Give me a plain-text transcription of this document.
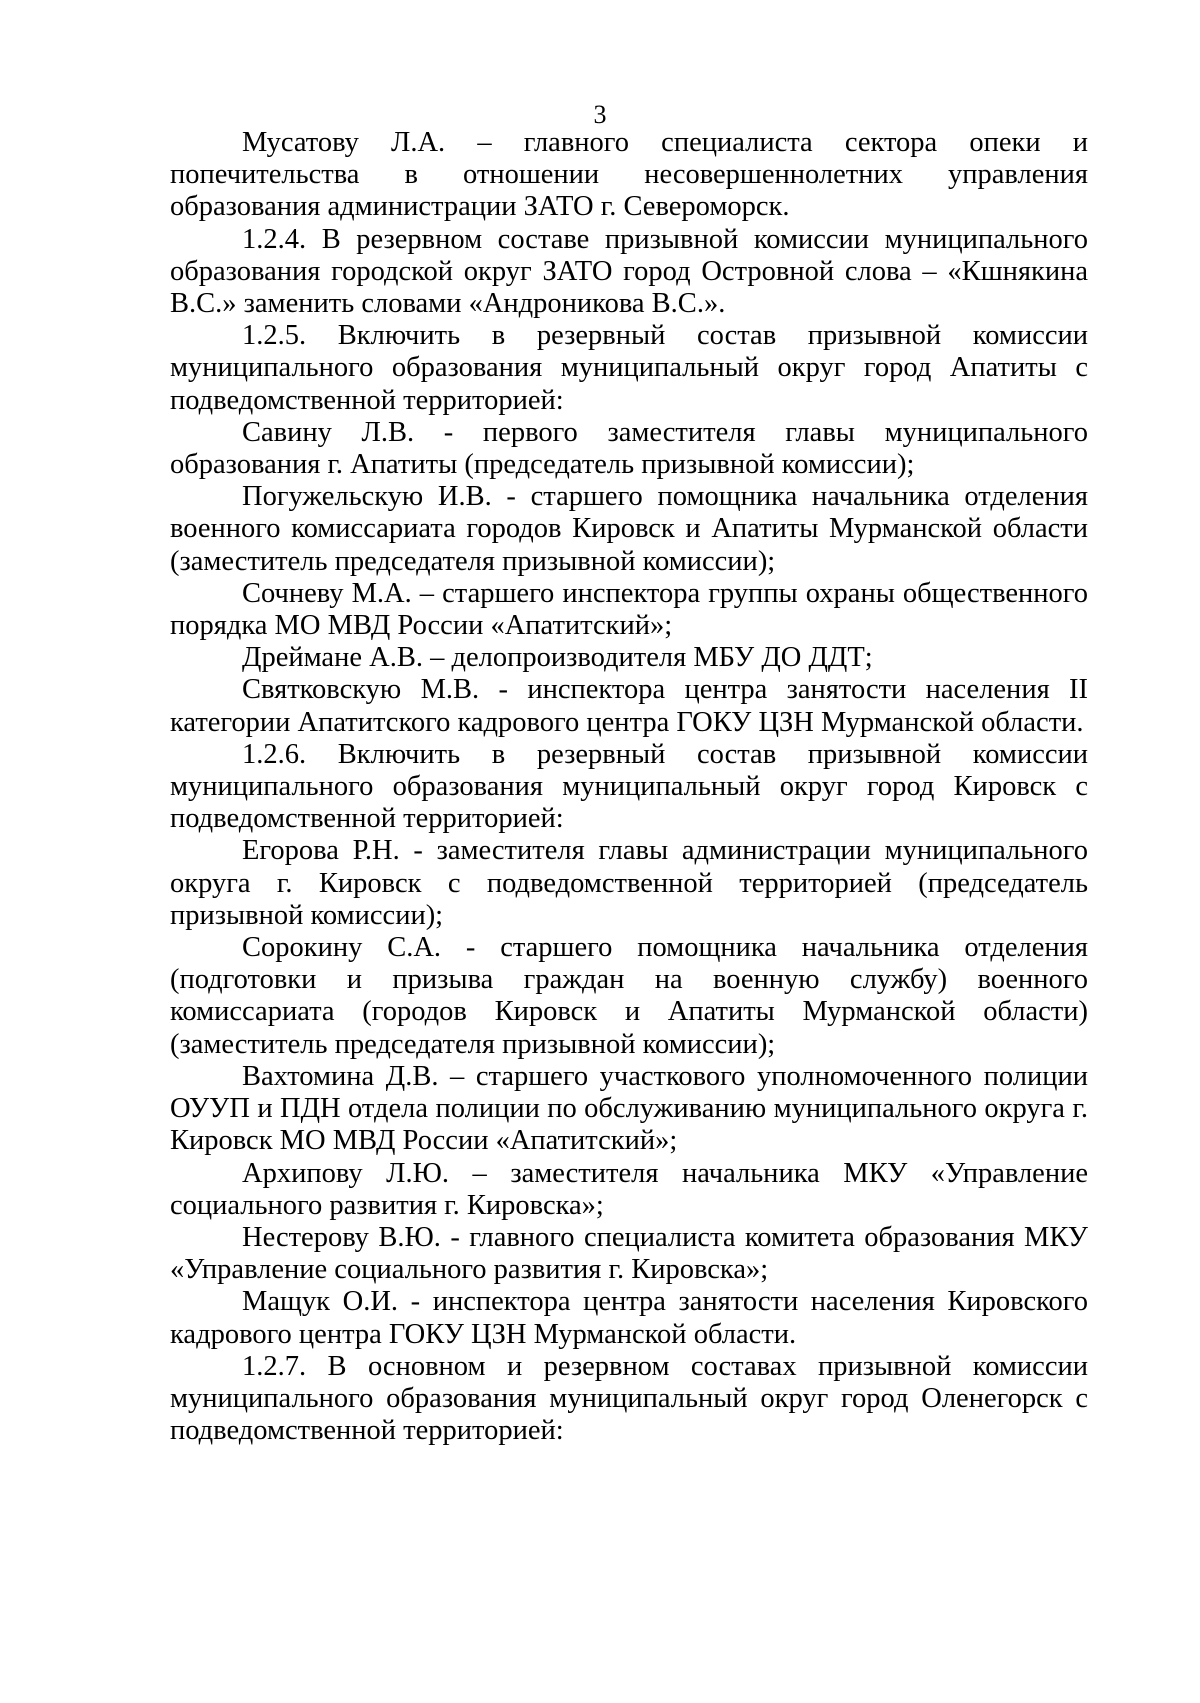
3

Мусатову Л.А. – главного специалиста сектора опеки и попечительства в отношении несовершеннолетних управления образования администрации ЗАТО г. Североморск.

1.2.4. В резервном составе призывной комиссии муниципального образования городской округ ЗАТО город Островной слова – «Кшнякина В.С.» заменить словами «Андроникова В.С.».

1.2.5. Включить в резервный состав призывной комиссии муниципального образования муниципальный округ город Апатиты с подведомственной территорией:

Савину Л.В. - первого заместителя главы муниципального образования г. Апатиты (председатель призывной комиссии);

Погужельскую И.В. - старшего помощника начальника отделения военного комиссариата городов Кировск и Апатиты Мурманской области (заместитель председателя призывной комиссии);

Сочневу М.А. – старшего инспектора группы охраны общественного порядка МО МВД России «Апатитский»;

Дреймане А.В. – делопроизводителя МБУ ДО ДДТ;

Святковскую М.В. - инспектора центра занятости населения II категории Апатитского кадрового центра ГОКУ ЦЗН Мурманской области.

1.2.6. Включить в резервный состав призывной комиссии муниципального образования муниципальный округ город Кировск с подведомственной территорией:

Егорова Р.Н. - заместителя главы администрации муниципального округа г. Кировск с подведомственной территорией (председатель призывной комиссии);

Сорокину С.А. - старшего помощника начальника отделения (подготовки и призыва граждан на военную службу) военного комиссариата (городов Кировск и Апатиты Мурманской области) (заместитель председателя призывной комиссии);

Вахтомина Д.В. – старшего участкового уполномоченного полиции ОУУП и ПДН отдела полиции по обслуживанию муниципального округа г. Кировск МО МВД России «Апатитский»;

Архипову Л.Ю. – заместителя начальника МКУ «Управление социального развития г. Кировска»;

Нестерову В.Ю. - главного специалиста комитета образования МКУ «Управление социального развития г. Кировска»;

Мащук О.И. - инспектора центра занятости населения Кировского кадрового центра ГОКУ ЦЗН Мурманской области.

1.2.7. В основном и резервном составах призывной комиссии муниципального образования муниципальный округ город Оленегорск с подведомственной территорией:
